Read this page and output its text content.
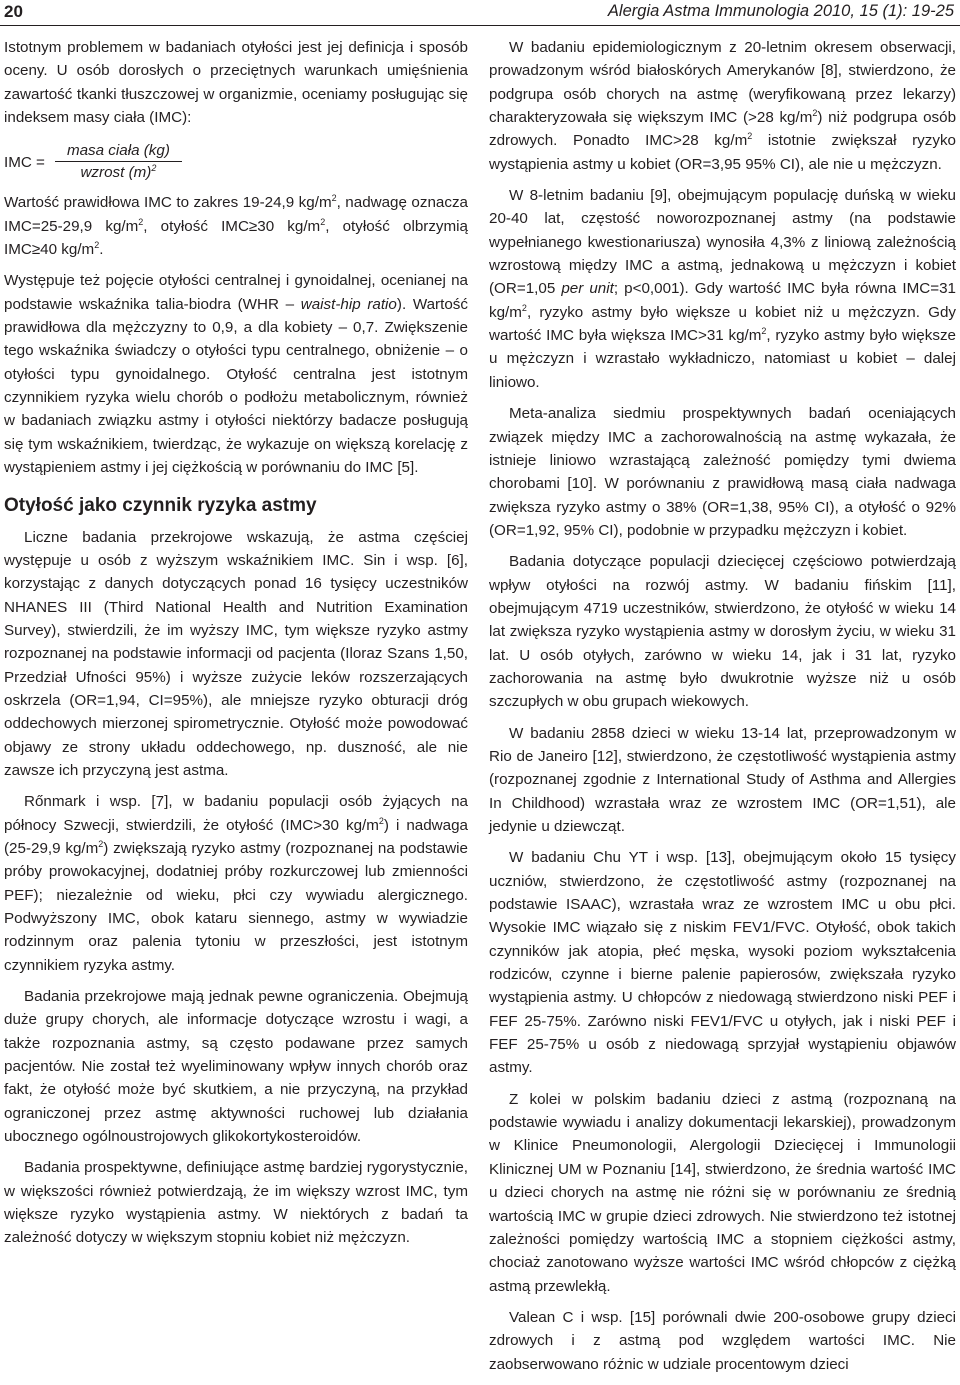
20	Alergia Astma Immunologia 2010, 15 (1): 19-25

Istotnym problemem w badaniach otyłości jest jej definicja i sposób oceny. U osób dorosłych o przeciętnych warunkach umięśnienia zawartość tkanki tłuszczowej w organizmie, oceniamy posługując się indeksem masy ciała (IMC):

IMC = $\frac{\text{masa ciała (kg)}}{wzrost (m)^2}$

Wartość prawidłowa IMC to zakres 19-24,9 $kg/m^2$, nadwagę oznacza IMC=25-29,9 $kg/m^2$, otyłość IMC≥30 $kg/m^2$, otyłość olbrzymią IMC≥40 $kg/m^2$.

Występuje też pojęcie otyłości centralnej i gynoidalnej, ocenianej na podstawie wskaźnika talia-biodra (WHR – waist-hip ratio). Wartość prawidłowa dla mężczyzny to 0,9, a dla kobiety – 0,7. Zwiększenie tego wskaźnika świadczy o otyłości typu centralnego, obniżenie – o otyłości typu gynoidalnego. Otyłość centralna jest istotnym czynnikiem ryzyka wielu chorób o podłożu metabolicznym, również w badaniach związku astmy i otyłości niektórzy badacze posługują się tym wskaźnikiem, twierdząc, że wykazuje on większą korelację z wystąpieniem astmy i jej ciężkością w porównaniu do IMC [5].

Otyłość jako czynnik ryzyka astmy

Liczne badania przekrojowe wskazują, że astma częściej występuje u osób z wyższym wskaźnikiem IMC. Sin i wsp. [6], korzystając z danych dotyczących ponad 16 tysięcy uczestników NHANES III (Third National Health and Nutrition Examination Survey), stwierdzili, że im wyższy IMC, tym większe ryzyko astmy rozpoznanej na podstawie informacji od pacjenta (Iloraz Szans 1,50, Przedział Ufności 95%) i wyższe zużycie leków rozszerzających oskrzela (OR=1,94, CI=95%), ale mniejsze ryzyko obturacji dróg oddechowych mierzonej spirometrycznie. Otyłość może powodować objawy ze strony układu oddechowego, np. duszność, ale nie zawsze ich przyczyną jest astma.

Rőnmark i wsp. [7], w badaniu populacji osób żyjących na północy Szwecji, stwierdzili, że otyłość (IMC>30 $kg/m^2$) i nadwaga (25-29,9 $kg/m^2$) zwiększają ryzyko astmy (rozpoznanej na podstawie próby prowokacyjnej, dodatniej próby rozkurczowej lub zmienności PEF); niezależnie od wieku, płci czy wywiadu alergicznego. Podwyższony IMC, obok kataru siennego, astmy w wywiadzie rodzinnym oraz palenia tytoniu w przeszłości, jest istotnym czynnikiem ryzyka astmy.

Badania przekrojowe mają jednak pewne ograniczenia. Obejmują duże grupy chorych, ale informacje dotyczące wzrostu i wagi, a także rozpoznania astmy, są często podawane przez samych pacjentów. Nie został też wyeliminowany wpływ innych chorób oraz fakt, że otyłość może być skutkiem, a nie przyczyną, na przykład ograniczonej przez astmę aktywności ruchowej lub działania ubocznego ogólnoustrojowych glikokortykosteroidów.

Badania prospektywne, definiujące astmę bardziej rygorystycznie, w większości również potwierdzają, że im większy wzrost IMC, tym większe ryzyko wystąpienia astmy. W niektórych z badań ta zależność dotyczy w większym stopniu kobiet niż mężczyzn.

W badaniu epidemiologicznym z 20-letnim okresem obserwacji, prowadzonym wśród białoskórych Amerykanów [8], stwierdzono, że podgrupa osób chorych na astmę (weryfikowaną przez lekarzy) charakteryzowała się większym IMC (>28 $kg/m^2$) niż podgrupa osób zdrowych. Ponadto IMC>28 $kg/m^2$ istotnie zwiększał ryzyko wystąpienia astmy u kobiet (OR=3,95 95% CI), ale nie u mężczyzn.

W 8-letnim badaniu [9], obejmującym populację duńską w wieku 20-40 lat, częstość noworozpoznanej astmy (na podstawie wypełnianego kwestionariusza) wynosiła 4,3% z liniową zależnością wzrostową między IMC a astmą, jednakową u mężczyzn i kobiet (OR=1,05 per unit; p<0,001). Gdy wartość IMC była równa IMC=31 $kg/m^2$, ryzyko astmy było większe u kobiet niż u mężczyzn. Gdy wartość IMC była większa IMC>31 $kg/m^2$, ryzyko astmy było większe u mężczyzn i wzrastało wykładniczo, natomiast u kobiet – dalej liniowo.

Meta-analiza siedmiu prospektywnych badań oceniających związek między IMC a zachorowalnością na astmę wykazała, że istnieje liniowo wzrastającą zależność pomiędzy tymi dwiema chorobami [10]. W porównaniu z prawidłową masą ciała nadwaga zwiększa ryzyko astmy o 38% (OR=1,38, 95% CI), a otyłość o 92% (OR=1,92, 95% CI), podobnie w przypadku mężczyzn i kobiet.

Badania dotyczące populacji dziecięcej częściowo potwierdzają wpływ otyłości na rozwój astmy. W badaniu fińskim [11], obejmującym 4719 uczestników, stwierdzono, że otyłość w wieku 14 lat zwiększa ryzyko wystąpienia astmy w dorosłym życiu, w wieku 31 lat. U osób otyłych, zarówno w wieku 14, jak i 31 lat, ryzyko zachorowania na astmę było dwukrotnie wyższe niż u osób szczupłych w obu grupach wiekowych.

W badaniu 2858 dzieci w wieku 13-14 lat, przeprowadzonym w Rio de Janeiro [12], stwierdzono, że częstotliwość wystąpienia astmy (rozpoznanej zgodnie z International Study of Asthma and Allergies In Childhood) wzrastała wraz ze wzrostem IMC (OR=1,51), ale jedynie u dziewcząt.

W badaniu Chu YT i wsp. [13], obejmującym około 15 tysięcy uczniów, stwierdzono, że częstotliwość astmy (rozpoznanej na podstawie ISAAC), wzrastała wraz ze wzrostem IMC u obu płci. Wysokie IMC wiązało się z niskim FEV1/FVC. Otyłość, obok takich czynników jak atopia, płeć męska, wysoki poziom wykształcenia rodziców, czynne i bierne palenie papierosów, zwiększała ryzyko wystąpienia astmy. U chłopców z niedowagą stwierdzono niski PEF i FEF 25-75%. Zarówno niski FEV1/FVC u otyłych, jak i niski PEF i FEF 25-75% u osób z niedowagą sprzyjał wystąpieniu objawów astmy.

Z kolei w polskim badaniu dzieci z astmą (rozpoznaną na podstawie wywiadu i analizy dokumentacji lekarskiej), prowadzonym w Klinice Pneumonologii, Alergologii Dziecięcej i Immunologii Klinicznej UM w Poznaniu [14], stwierdzono, że średnia wartość IMC u dzieci chorych na astmę nie różni się w porównaniu ze średnią wartością IMC w grupie dzieci zdrowych. Nie stwierdzono też istotnej zależności pomiędzy wartością IMC a stopniem ciężkości astmy, chociaż zanotowano wyższe wartości IMC wśród chłopców z ciężką astmą przewlekłą.

Valean C i wsp. [15] porównali dwie 200-osobowe grupy dzieci zdrowych i z astmą pod względem wartości IMC. Nie zaobserwowano różnic w udziale procentowym dzieci
